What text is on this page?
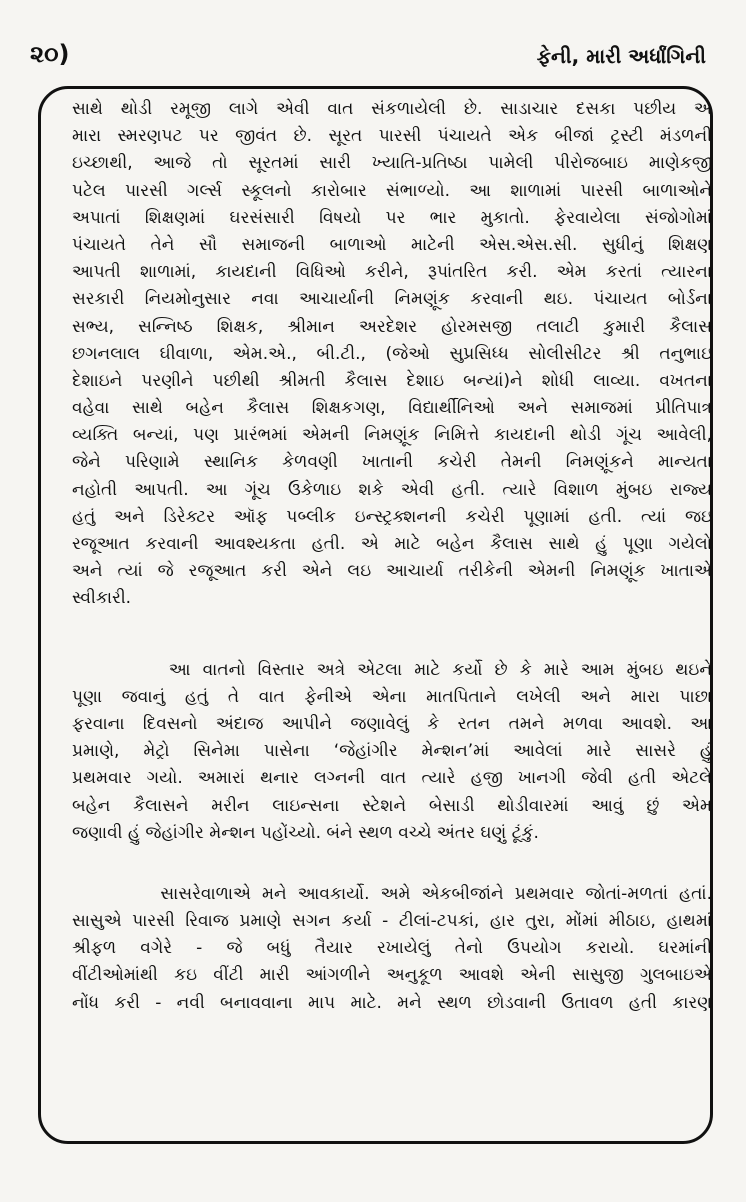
૨૦)	ફેની, મારી અર્ધાંગિની
સાથે થોડી રમૂજી લાગે એવી વાત સંકળાયેલી છે. સાડાચાર દસકા પછીય એ
મારા સ્મરણપટ પર જીવંત છે. સૂરત પારસી પંચાયતે એક બીજાં ટ્રસ્ટી મંડળની
ઇચ્છાથી, આજે તો સૂરતમાં સારી ખ્યાતિ-પ્રતિષ્ઠા પામેલી પીરોજબાઇ માણેકજી
પટેલ પારસી ગર્લ્સ સ્કૂલનો કારોબાર સંભાળ્યો. આ શાળામાં પારસી બાળાઓને
અપાતાં શિક્ષણમાં ઘરસંસારી વિષયો પર ભાર મુકાતો. ફેરવાયેલા સંજોગોમાં
પંચાયતે તેને સૌ સમાજની બાળાઓ માટેની એસ.એસ.સી. સુધીનું શિક્ષણ
આપતી શાળામાં, કાયદાની વિધિઓ કરીને, રૂપાંતરિત કરી. એમ કરતાં ત્યારના
સરકારી નિયમોનુસાર નવા આચાર્યાની નિમણૂંક કરવાની થઇ. પંચાયત બોર્ડના
સભ્ય, સન્નિષ્ઠ શિક્ષક, શ્રીમાન અરદેશર હોરમસજી તલાટી કુમારી કૈલાસ
છગનલાલ ઘીવાળા, એમ.એ., બી.ટી., (જેઓ સુપ્રસિધ્ધ સોલીસીટર શ્રી તનુભાઇ
દેશાઇને પરણીને પછીથી શ્રીમતી કૈલાસ દેશાઇ બન્યાં)ને શોધી લાવ્યા. વખતના
વહેવા સાથે બહેન કૈલાસ શિક્ષકગણ, વિદ્યાર્થીનિઓ અને સમાજમાં પ્રીતિપાત્ર
વ્યક્તિ બન્યાં, પણ પ્રારંભમાં એમની નિમણૂંક નિમિત્તે કાયદાની થોડી ગૂંચ આવેલી,
જેને પરિણામે સ્થાનિક કેળવણી ખાતાની કચેરી તેમની નિમણૂંકને માન્યતા
નહોતી આપતી. આ ગૂંચ ઉકેળાઇ શકે એવી હતી. ત્યારે વિશાળ મુંબઇ રાજ્ય
હતું અને ડિરેક્ટર ઑફ પબ્લીક ઇન્સ્ટ્રક્શનની કચેરી પૂણામાં હતી. ત્યાં જઇ
રજૂઆત કરવાની આવશ્યકતા હતી. એ માટે બહેન કૈલાસ સાથે હું પૂણા ગયેલો
અને ત્યાં જે રજૂઆત કરી એને લઇ આચાર્યા તરીકેની એમની નિમણૂંક ખાતાએ
સ્વીકારી.
આ વાતનો વિસ્તાર અત્રે એટલા માટે કર્યો છે કે મારે આમ મુંબઇ થઇને
પૂણા જવાનું હતું તે વાત ફેનીએ એના માતપિતાને લખેલી અને મારા પાછા
ફરવાના દિવસનો અંદાજ આપીને જણાવેલું કે રતન તમને મળવા આવશે. આ
પ્રમાણે, મેટ્રો સિનેમા પાસેના ‘જેહાંગીર મેન્શન’માં આવેલાં મારે સાસરે હું
પ્રથમવાર ગયો. અમારાં થનાર લગ્નની વાત ત્યારે હજી ખાનગી જેવી હતી એટલે
બહેન કૈલાસને મરીન લાઇન્સના સ્ટેશને બેસાડી થોડીવારમાં આવું છું એમ
જણાવી હું જેહાંગીર મેન્શન પહોંચ્યો. બંને સ્થળ વચ્ચે અંતર ઘણું ટૂંકું.
સાસરેવાળાએ મને આવકાર્યો. અમે એકબીજાંને પ્રથમવાર જોતાં-મળતાં હતાં.
સાસુએ પારસી રિવાજ પ્રમાણે સગન કર્યા - ટીલાં-ટપકાં, હાર તુરા, મોંમાં મીઠાઇ, હાથમાં
શ્રીફળ વગેરે - જે બધું તૈયાર રખાયેલું તેનો ઉપયોગ કરાયો. ઘરમાંની
વીંટીઓમાંથી કઇ વીંટી મારી આંગળીને અનુકૂળ આવશે એની સાસુજી ગુલબાઇએ
નોંધ કરી - નવી બનાવવાના માપ માટે. મને સ્થળ છોડવાની ઉતાવળ હતી કારણ
